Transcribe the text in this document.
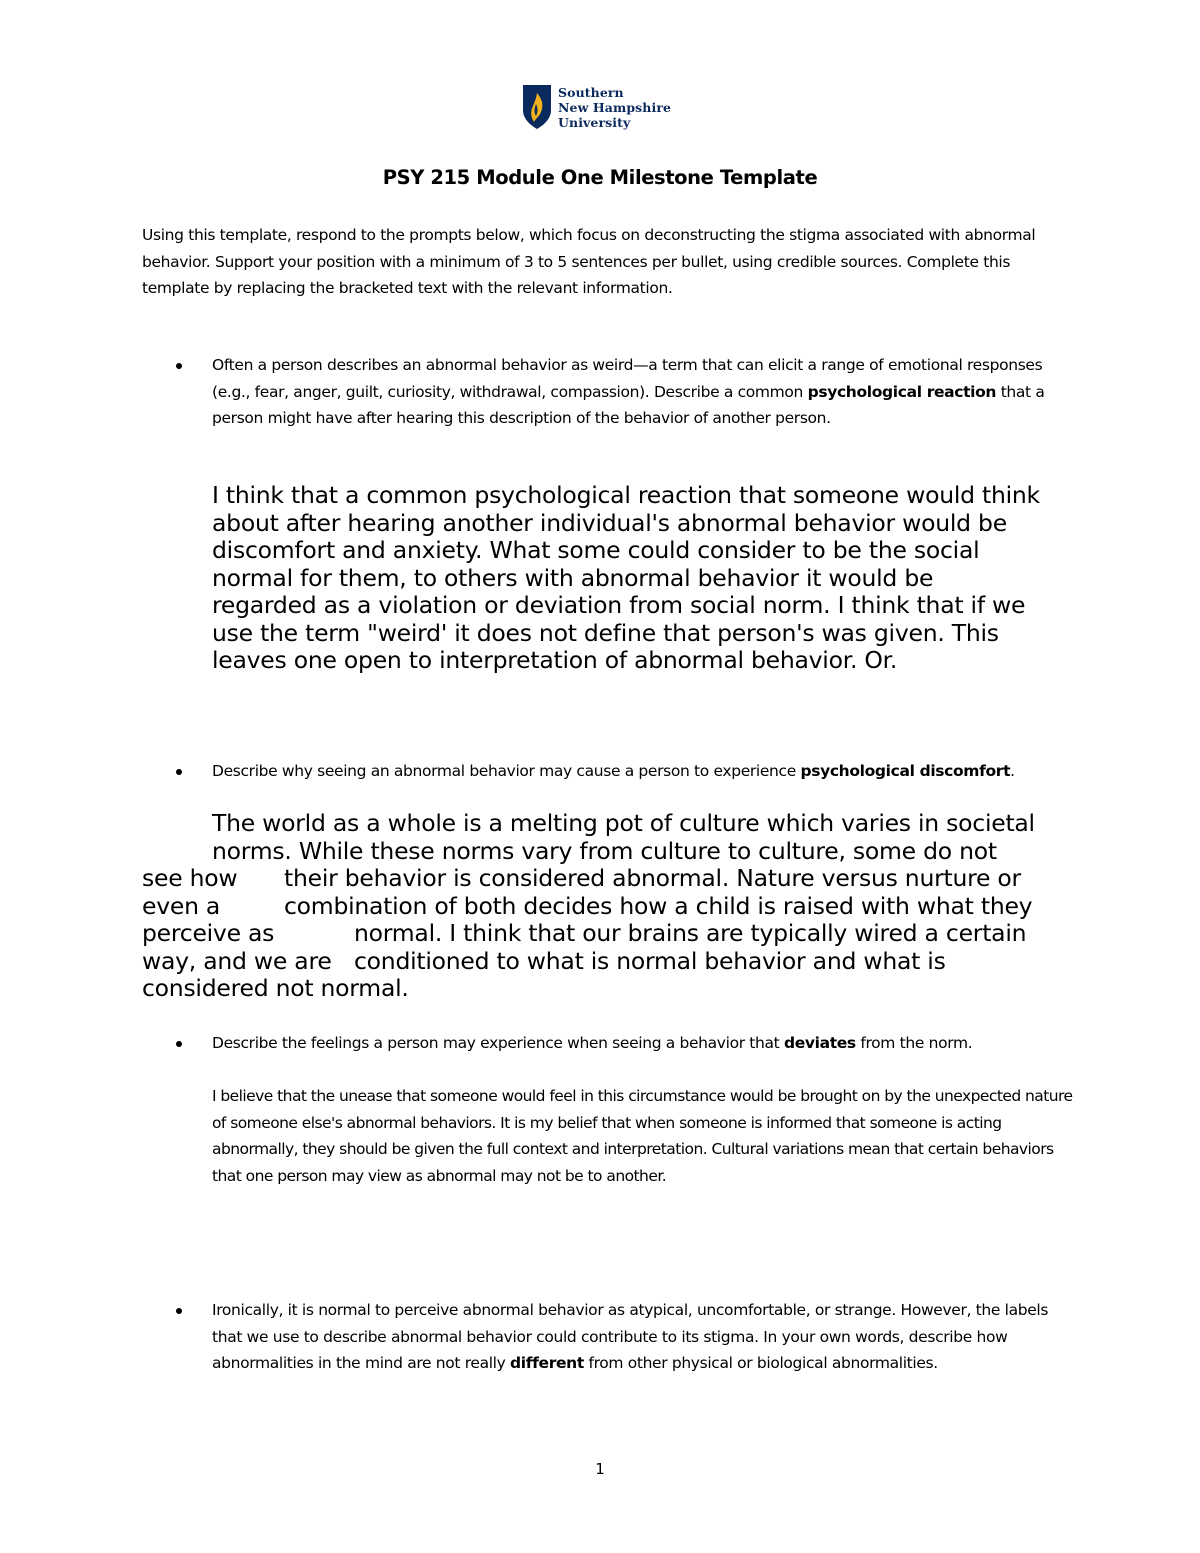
Southern
New Hampshire
University
PSY 215 Module One Milestone Template
Using this template, respond to the prompts below, which focus on deconstructing the stigma associated with abnormal behavior. Support your position with a minimum of 3 to 5 sentences per bullet, using credible sources. Complete this template by replacing the bracketed text with the relevant information.
Often a person describes an abnormal behavior as weird—a term that can elicit a range of emotional responses (e.g., fear, anger, guilt, curiosity, withdrawal, compassion). Describe a common psychological reaction that a person might have after hearing this description of the behavior of another person.
I think that a common psychological reaction that someone would think
about after hearing another individual's abnormal behavior would be
discomfort and anxiety. What some could consider to be the social
normal for them, to others with abnormal behavior it would be
regarded as a violation or deviation from social norm. I think that if we
use the term "weird' it does not define that person's was given. This
leaves one open to interpretation of abnormal behavior. Or.
Describe why seeing an abnormal behavior may cause a person to experience psychological discomfort.
The world as a whole is a melting pot of culture which varies in societal
norms. While these norms vary from culture to culture, some do not
see how their behavior is considered abnormal. Nature versus nurture or
even a	combination of both decides how a child is raised with what they
perceive as	normal. I think that our brains are typically wired a certain
way, and we are conditioned to what is normal behavior and what is
considered not normal.
Describe the feelings a person may experience when seeing a behavior that deviates from the norm.
I believe that the unease that someone would feel in this circumstance would be brought on by the unexpected nature of someone else's abnormal behaviors. It is my belief that when someone is informed that someone is acting abnormally, they should be given the full context and interpretation. Cultural variations mean that certain behaviors that one person may view as abnormal may not be to another.
Ironically, it is normal to perceive abnormal behavior as atypical, uncomfortable, or strange. However, the labels that we use to describe abnormal behavior could contribute to its stigma. In your own words, describe how abnormalities in the mind are not really different from other physical or biological abnormalities.
1
